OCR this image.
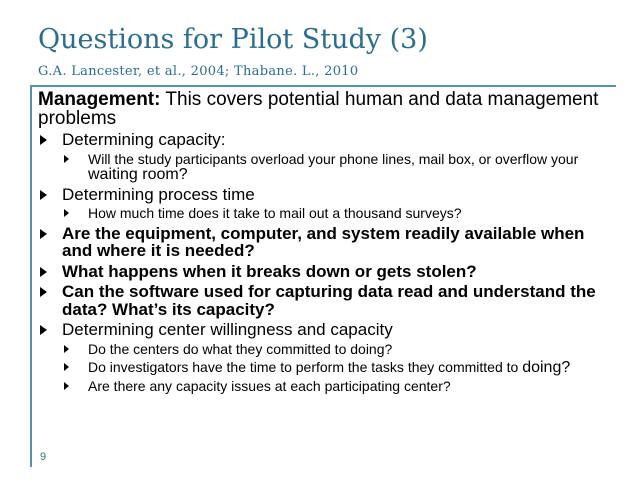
Questions for Pilot Study (3)
G.A. Lancester, et al., 2004; Thabane. L., 2010

Management: This covers potential human and data management problems

Determining capacity:
Will the study participants overload your phone lines, mail box, or overflow your waiting room?
Determining process time
How much time does it take to mail out a thousand surveys?
Are the equipment, computer, and system readily available when and where it is needed?
What happens when it breaks down or gets stolen?
Can the software used for capturing data read and understand the data? What’s its capacity?
Determining center willingness and capacity
Do the centers do what they committed to doing?
Do investigators have the time to perform the tasks they committed to doing?
Are there any capacity issues at each participating center?
9
